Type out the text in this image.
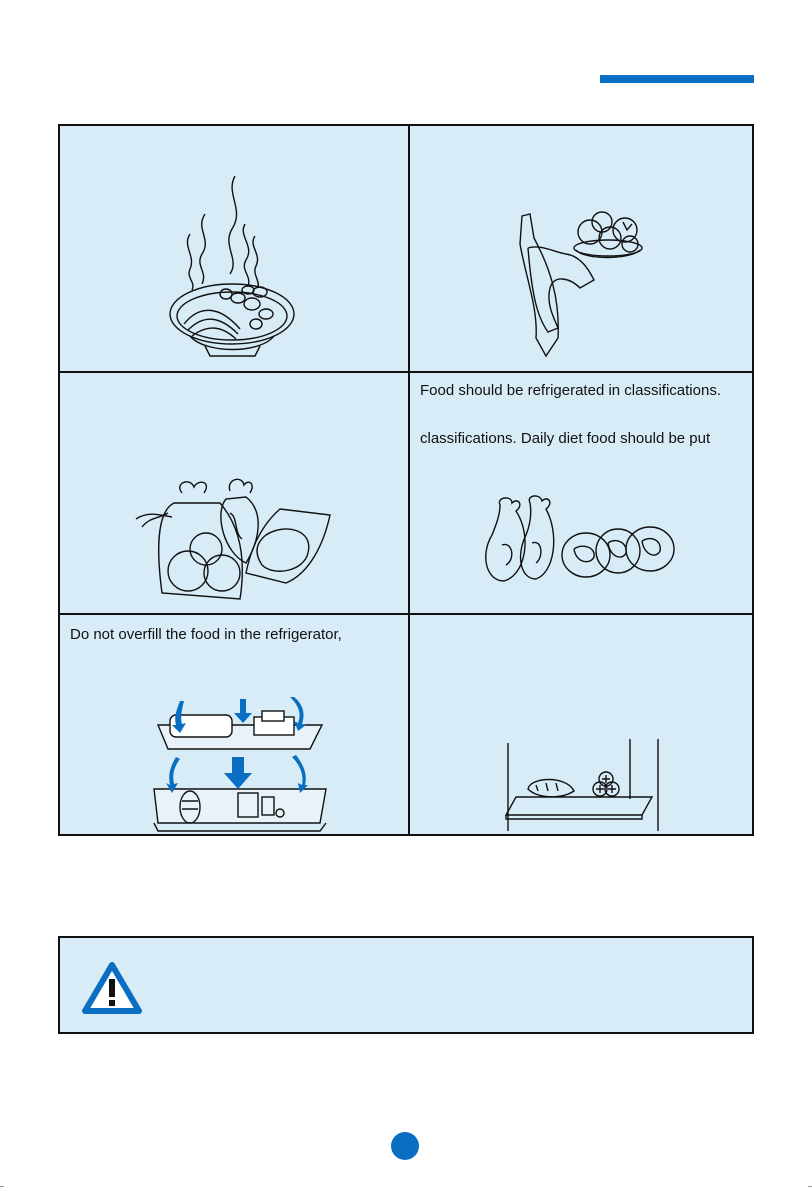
Food should be refrigerated in classifications.
classifications. Daily diet food should be put
Do not overfill the food in the refrigerator,
